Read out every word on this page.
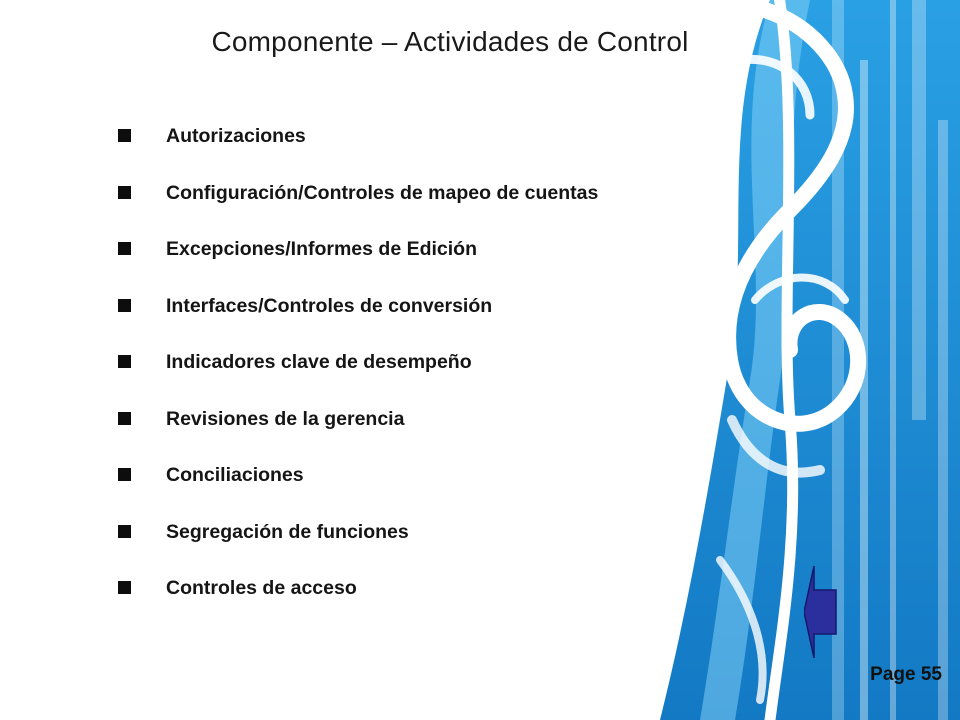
Componente – Actividades de Control
Autorizaciones
Configuración/Controles de mapeo de cuentas
Excepciones/Informes de Edición
Interfaces/Controles de conversión
Indicadores clave de desempeño
Revisiones de la gerencia
Conciliaciones
Segregación de funciones
Controles de acceso
Page 55
